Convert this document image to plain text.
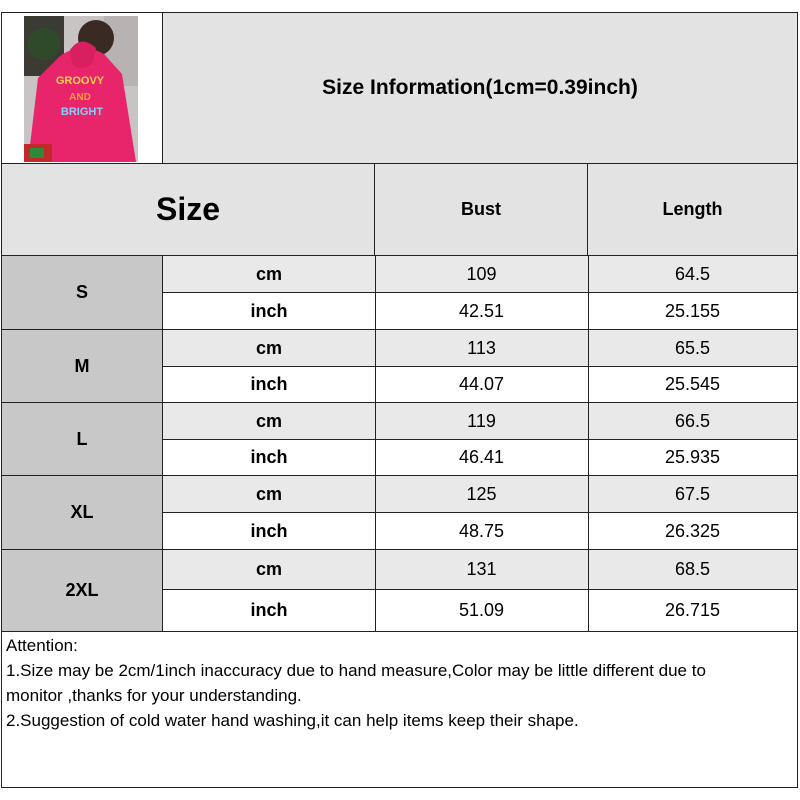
GROOVY
AND
BRIGHT
Size Information(1cm=0.39inch)
Size	Bust	Length
S
cm	109	64.5
inch	42.51	25.155
M
cm	113	65.5
inch	44.07	25.545
L
cm	119	66.5
inch	46.41	25.935
XL
cm	125	67.5
inch	48.75	26.325
2XL
cm	131	68.5
inch	51.09	26.715
Attention:
1.Size may be 2cm/1inch inaccuracy due to hand measure,Color may be little different due to
monitor ,thanks for your understanding.
2.Suggestion of cold water hand washing,it can help items keep their shape.
